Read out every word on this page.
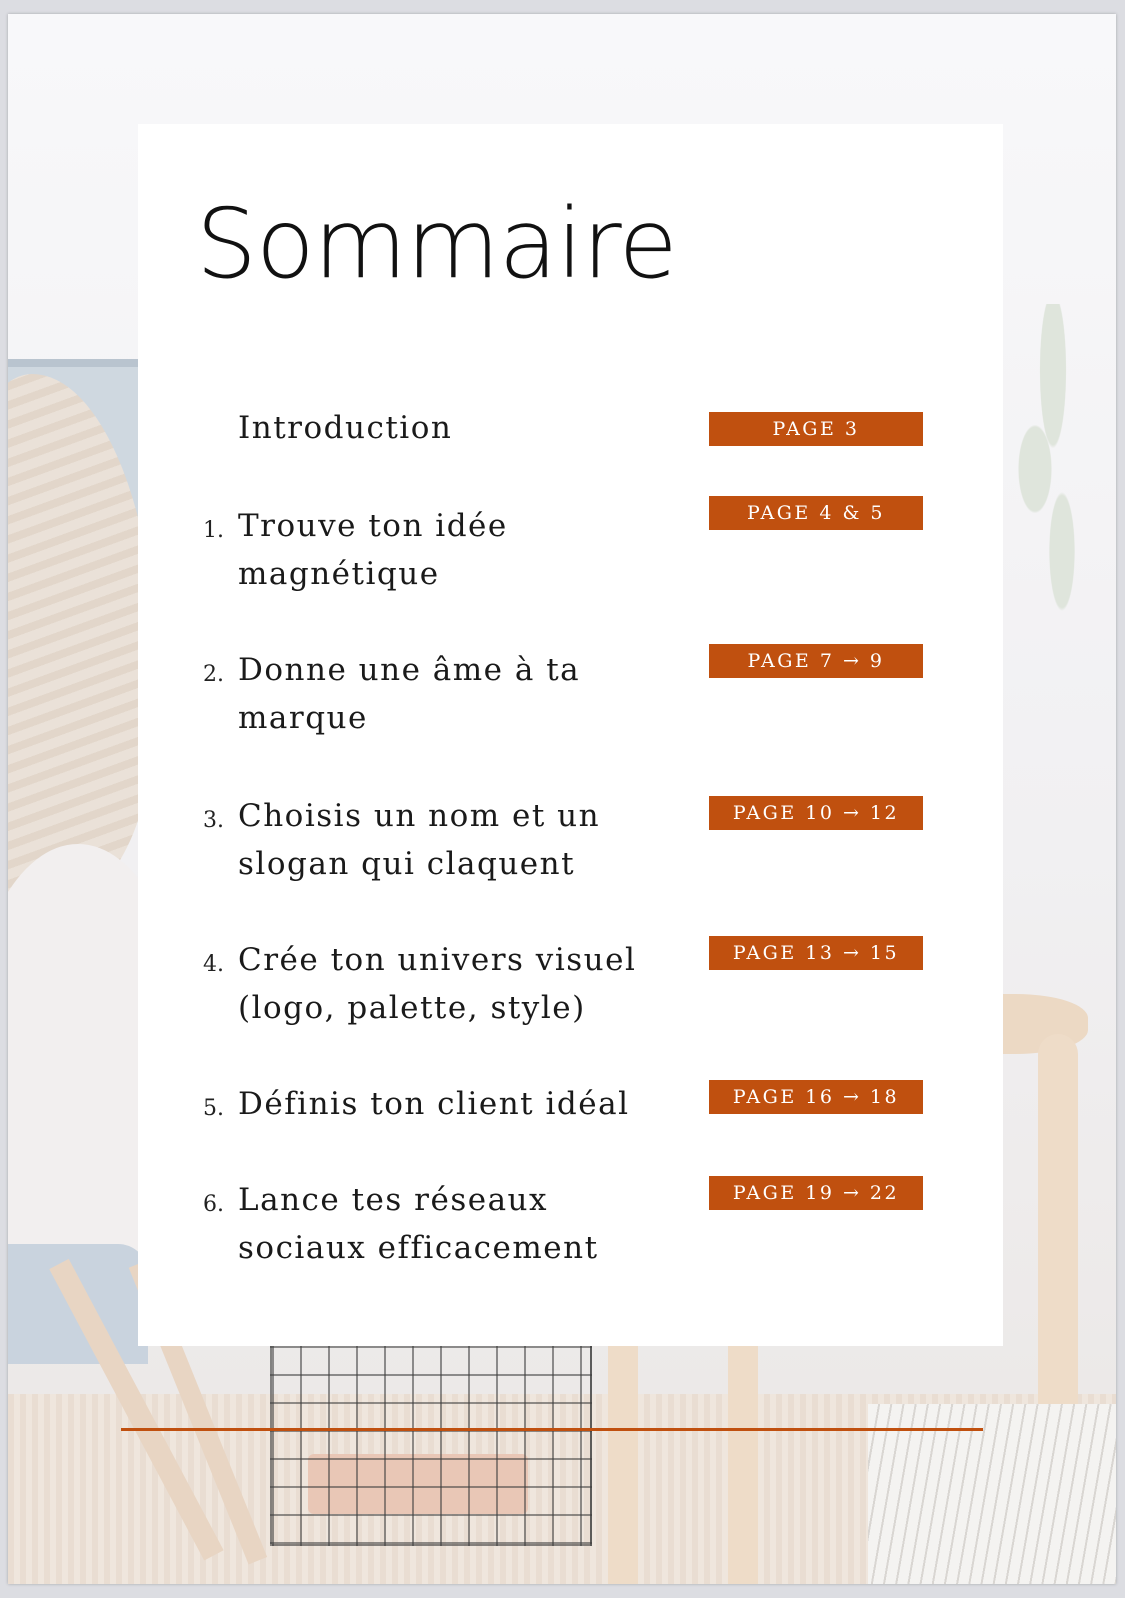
Sommaire

Introduction	PAGE 3
1. Trouve ton idée
magnétique

PAGE 4 & 5
2. Donne une âme à ta
marque

PAGE 7 → 9
3. Choisis un nom et un
slogan qui claquent

PAGE 10 → 12
4. Crée ton univers visuel
(logo, palette, style)

PAGE 13 → 15
5. Définis ton client idéal	PAGE 16 → 18
6. Lance tes réseaux
sociaux efficacement

PAGE 19 → 22
